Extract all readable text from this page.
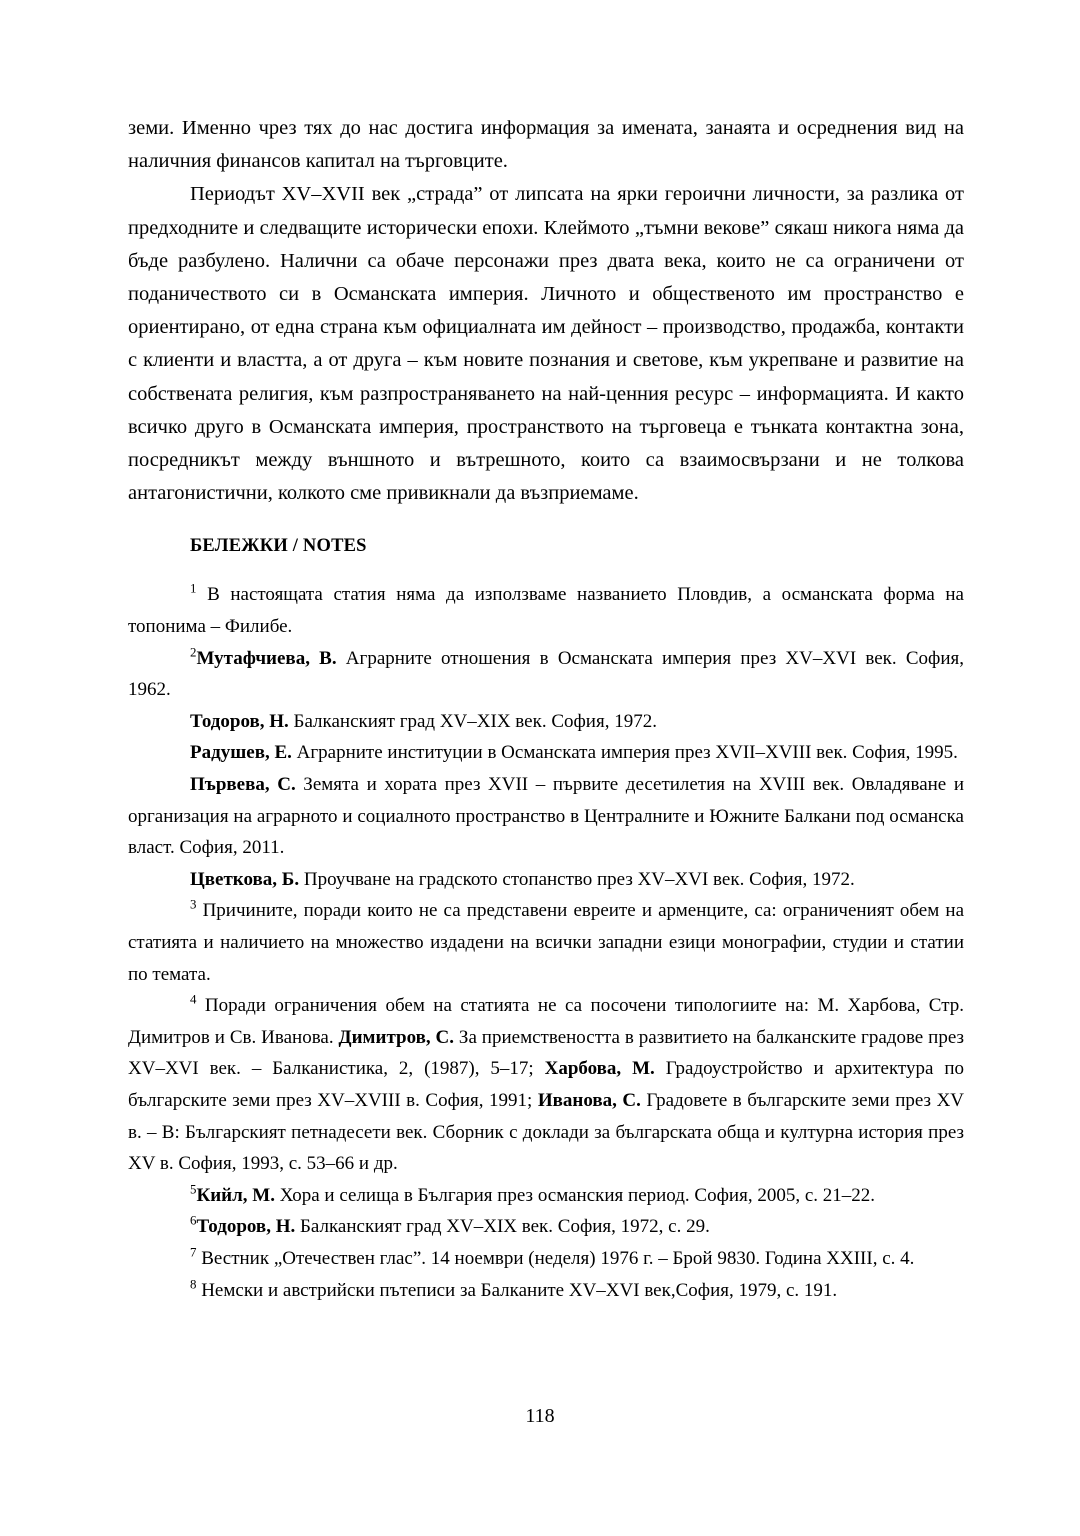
земи. Именно чрез тях до нас достига информация за имената, занаята и осреднения вид на наличния финансов капитал на търговците.

Периодът XV–XVII век „страда” от липсата на ярки героични личности, за разлика от предходните и следващите исторически епохи. Клеймото „тъмни векове” сякаш никога няма да бъде разбулено. Налични са обаче персонажи през двата века, които не са ограничени от поданичеството си в Османската империя. Личното и общественото им пространство е ориентирано, от една страна към официалната им дейност – производство, продажба, контакти с клиенти и властта, а от друга – към новите познания и светове, към укрепване и развитие на собствената религия, към разпространяването на най-ценния ресурс – информацията. И както всичко друго в Османската империя, пространството на търговеца е тънката контактна зона, посредникът между външното и вътрешното, които са взаимосвързани и не толкова антагонистични, колкото сме привикнали да възприемаме.

БЕЛЕЖКИ / NOTES

$^1$ В настоящата статия няма да използваме названието Пловдив, а османската форма на топонима – Филибе.

$^2$Мутафчиева, В. Аграрните отношения в Османската империя през XV–XVI век. София, 1962.

Тодоров, Н. Балканският град XV–XIX век. София, 1972.

Радушев, Е. Аграрните институции в Османската империя през XVII–XVIII век. София, 1995.

Първева, С. Земята и хората през XVII – първите десетилетия на XVIII век. Овладяване и организация на аграрното и социалното пространство в Централните и Южните Балкани под османска власт. София, 2011.

Цветкова, Б. Проучване на градското стопанство през XV–XVI век. София, 1972.

$^3$ Причините, поради които не са представени евреите и арменците, са: ограниченият обем на статията и наличието на множество издадени на всички западни езици монографии, студии и статии по темата.

$^4$ Поради ограничения обем на статията не са посочени типологиите на: М. Харбова, Стр. Димитров и Св. Иванова. Димитров, С. За приемствеността в развитието на балканските градове през XV–XVI век. – Балканистика, 2, (1987), 5–17; Харбова, М. Градоустройство и архитектура по българските земи през XV–XVIII в. София, 1991; Иванова, С. Градовете в българските земи през XV в. – В: Българският петнадесети век. Сборник с доклади за българската обща и културна история през XV в. София, 1993, с. 53–66 и др.

$^5$Кийл, М. Хора и селища в България през османския период. София, 2005, с. 21–22.

$^6$Тодоров, Н. Балканският град XV–XIX век. София, 1972, с. 29.

$^7$ Вестник „Отечествен глас”. 14 ноември (неделя) 1976 г. – Брой 9830. Година XXIII, с. 4.

$^8$ Немски и австрийски пътеписи за Балканите XV–XVI век,София, 1979, с. 191.

118
